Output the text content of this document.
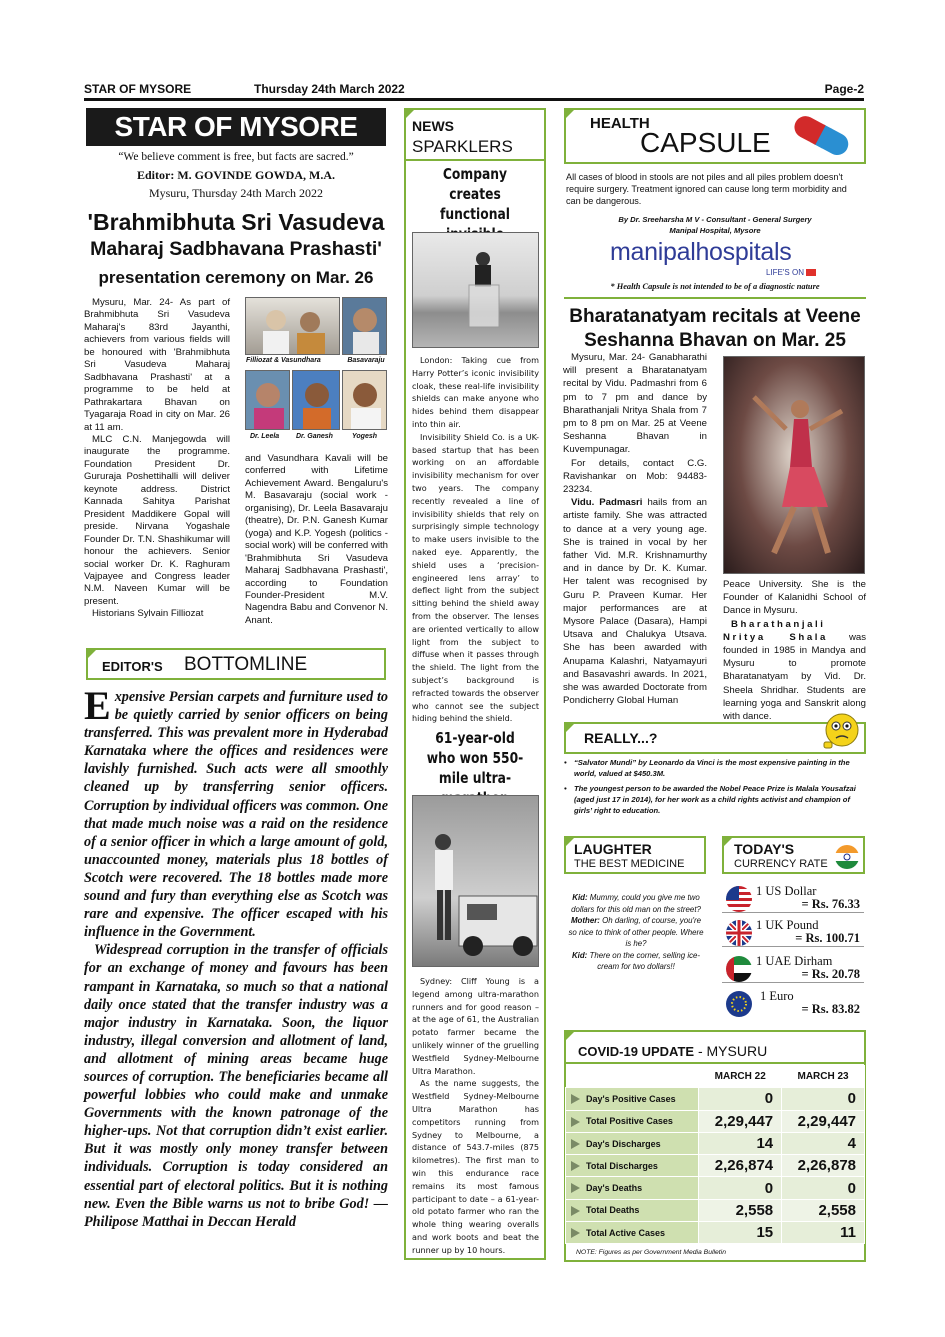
STAR OF MYSORE	Thursday 24th March 2022	Page-2
STAR OF MYSORE
“We believe comment is free, but facts are sacred.”
Editor: M. GOVINDE GOWDA, M.A.
Mysuru, Thursday 24th March 2022
'Brahmibhuta Sri Vasudeva
Maharaj Sadbhavana Prashasti'
presentation ceremony on Mar. 26

Mysuru, Mar. 24- As part of Brahmibhuta Sri Vasudeva Maharaj's 83rd Jayanthi, achievers from various fields will be honoured with 'Brahmibhuta Sri Vasudeva Maharaj Sadbhavana Prashasti' at a programme to be held at Pathrakartara Bhavan on Tyagaraja Road in city on Mar. 26 at 11 am.

MLC C.N. Manjegowda will inaugurate the programme. Foundation President Dr. Gururaja Poshettihalli will deliver keynote address. District Kannada Sahitya Parishat President Maddikere Gopal will preside. Nirvana Yogashale Founder Dr. T.N. Shashikumar will honour the achievers. Senior social worker Dr. K. Raghuram Vajpayee and Congress leader N.M. Naveen Kumar will be present.

Historians Sylvain Filliozat

Filliozat & Vasundhara	Basavaraju
Dr. Leela Dr. Ganesh	Yogesh

and Vasundhara Kavali will be conferred with Lifetime Achievement Award. Bengaluru's M. Basavaraju (social work - organising), Dr. Leela Basavaraju (theatre), Dr. P.N. Ganesh Kumar (yoga) and K.P. Yogesh (politics - social work) will be conferred with 'Brahmibhuta Sri Vasudeva Maharaj Sadbhavana Prashasti', according to Foundation Founder-President M.V. Nagendra Babu and Convenor N. Anant.

EDITOR'S BOTTOMLINE

Expensive Persian carpets and furniture used to be quietly carried by senior officers on being transferred. This was prevalent more in Hyderabad Karnataka where the offices and residences were lavishly furnished. Such acts were all smoothly cleaned up by transferring senior officers. Corruption by individual officers was common. One that made much noise was a raid on the residence of a senior officer in which a large amount of gold, unaccounted money, materials plus 18 bottles of Scotch were recovered. The 18 bottles made more sound and fury than everything else as Scotch was rare and expensive. The officer escaped with his influence in the Government.

Widespread corruption in the transfer of officials for an exchange of money and favours has been rampant in Karnataka, so much so that a national daily once stated that the transfer industry was a major industry in Karnataka. Soon, the liquor industry, illegal conversion and allotment of land, and allotment of mining areas became huge sources of corruption. The beneficiaries became all powerful lobbies who could make and unmake Governments with the known patronage of the higher-ups. Not that corruption didn’t exist earlier. But it was mostly only money transfer between individuals. Corruption is today considered an essential part of electoral politics. But it is nothing new. Even the Bible warns us not to bribe God! — Philipose Matthai in Deccan Herald

NEWS
SPARKLERS
Company creates functional

London: Taking cue from Harry Potter’s iconic invisibility cloak, these real-life invisibility shields can make anyone who hides behind them disappear into thin air.

Invisibility Shield Co. is a UK-based startup that has been working on an affordable invisibility mechanism for over two years. The company recently revealed a line of invisibility shields that rely on surprisingly simple technology to make users invisible to the naked eye. Apparently, the shield uses a ‘precision-engineered lens array’ to deflect light from the subject sitting behind the shield away from the observer. The lenses are oriented vertically to allow light from the subject to diffuse when it passes through the shield. The light from the subject’s background is refracted towards the observer who cannot see the subject hiding behind the shield.

61-year-old who won 550-mile ultra-

Sydney: Cliff Young is a legend among ultra-marathon runners and for good reason – at the age of 61, the Australian potato farmer became the unlikely winner of the gruelling Westfield Sydney-Melbourne Ultra Marathon.

As the name suggests, the Westfield Sydney-Melbourne Ultra Marathon has competitors running from Sydney to Melbourne, a distance of 543.7-miles (875 kilometres). The first man to win this endurance race remains its most famous participant to date – a 61-year-old potato farmer who ran the whole thing wearing overalls and work boots and beat the runner up by 10 hours.

HEALTH
CAPSULE
All cases of blood in stools are not piles and all piles problem doesn't require surgery. Treatment ignored can cause long term morbidity and can be dangerous.
By Dr. Sreeharsha M V - Consultant - General Surgery
Manipal Hospital, Mysore
manipalhospitals
LIFE'S ON
* Health Capsule is not intended to be of a diagnostic nature
Bharatanatyam recitals at Veene
Seshanna Bhavan on Mar. 25

Mysuru, Mar. 24- Ganabharathi will present a Bharatanatyam recital by Vidu. Padmashri from 6 pm to 7 pm and dance by Bharathanjali Nritya Shala from 7 pm to 8 pm on Mar. 25 at Veene Seshanna Bhavan in Kuvempunagar.

For details, contact C.G. Ravishankar on Mob: 94483-23234.

Vidu. Padmasri hails from an artiste family. She was attracted to dance at a very young age. She is trained in vocal by her father Vid. M.R. Krishnamurthy and in dance by Dr. K. Kumar. Her talent was recognised by Guru P. Praveen Kumar. Her major performances are at Mysore Palace (Dasara), Hampi Utsava and Chalukya Utsava. She has been awarded with Anupama Kalashri, Natyamayuri and Basavashri awards. In 2021, she was awarded Doctorate from Pondicherry Global Human

Peace University. She is the Founder of Kalanidhi School of Dance in Mysuru.

Bharathanjali Nritya Shala was founded in 1985 in Mandya and Mysuru to promote Bharatanatyam by Vid. Dr. Sheela Shridhar. Students are learning yoga and Sanskrit along with dance.

REALLY...?
• “Salvator Mundi” by Leonardo da Vinci is the most expensive painting in the world, valued at $450.3M.
• The youngest person to be awarded the Nobel Peace Prize is Malala Yousafzai (aged just 17 in 2014), for her work as a child rights activist and champion of girls’ right to education.
LAUGHTER
THE BEST MEDICINE
Kid: Mummy, could you give me two dollars for this old man on the street?
Mother: Oh darling, of course, you're so nice to think of other people. Where is he?
Kid: There on the corner, selling ice-cream for two dollars!!
TODAY'S
CURRENCY RATE
1 US Dollar
= Rs. 76.33
1 UK Pound
= Rs. 100.71
1 UAE Dirham
= Rs. 20.78
1 Euro
= Rs. 83.82
COVID-19 UPDATE - MYSURU
	MARCH 22	MARCH 23

Day's Positive Cases	0	0

Total Positive Cases	2,29,447	2,29,447

Day's Discharges	14	4

Total Discharges	2,26,874	2,26,878

Day's Deaths	0	0

Total Deaths	2,558	2,558

Total Active Cases	15	11
NOTE: Figures as per Government Media Bulletin
